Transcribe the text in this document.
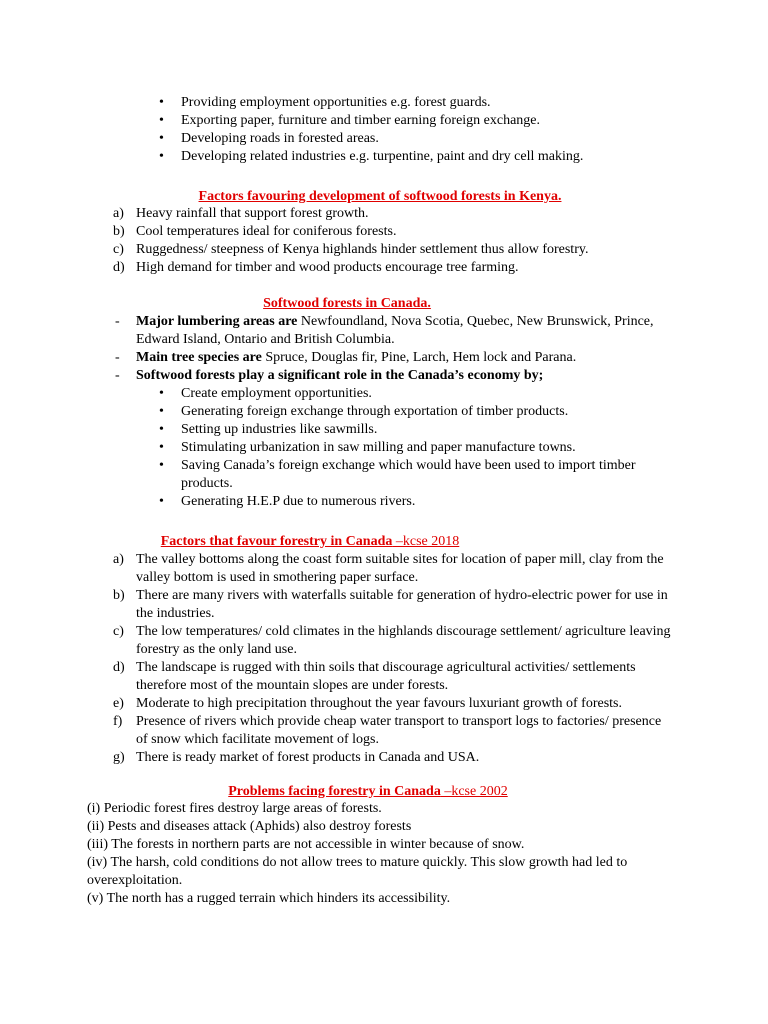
• Providing employment opportunities e.g. forest guards.
• Exporting paper, furniture and timber earning foreign exchange.
• Developing roads in forested areas.
• Developing related industries e.g. turpentine, paint and dry cell making.
Factors favouring development of softwood forests in Kenya.
a) Heavy rainfall that support forest growth.
b) Cool temperatures ideal for coniferous forests.
c) Ruggedness/ steepness of Kenya highlands hinder settlement thus allow forestry.
d) High demand for timber and wood products encourage tree farming.
Softwood forests in Canada.
- Major lumbering areas are Newfoundland, Nova Scotia, Quebec, New Brunswick, Prince, Edward Island, Ontario and British Columbia.
- Main tree species are Spruce, Douglas fir, Pine, Larch, Hem lock and Parana.
- Softwood forests play a significant role in the Canada’s economy by;
• Create employment opportunities.
• Generating foreign exchange through exportation of timber products.
• Setting up industries like sawmills.
• Stimulating urbanization in saw milling and paper manufacture towns.
• Saving Canada’s foreign exchange which would have been used to import timber products.
• Generating H.E.P due to numerous rivers.
Factors that favour forestry in Canada –kcse 2018
a) The valley bottoms along the coast form suitable sites for location of paper mill, clay from the valley bottom is used in smothering paper surface.
b) There are many rivers with waterfalls suitable for generation of hydro-electric power for use in the industries.
c) The low temperatures/ cold climates in the highlands discourage settlement/ agriculture leaving forestry as the only land use.
d) The landscape is rugged with thin soils that discourage agricultural activities/ settlements therefore most of the mountain slopes are under forests.
e) Moderate to high precipitation throughout the year favours luxuriant growth of forests.
f) Presence of rivers which provide cheap water transport to transport logs to factories/ presence of snow which facilitate movement of logs.
g) There is ready market of forest products in Canada and USA.
Problems facing forestry in Canada –kcse 2002
(i) Periodic forest fires destroy large areas of forests.
(ii) Pests and diseases attack (Aphids) also destroy forests
(iii) The forests in northern parts are not accessible in winter because of snow.
(iv) The harsh, cold conditions do not allow trees to mature quickly. This slow growth had led to overexploitation.
(v) The north has a rugged terrain which hinders its accessibility.
